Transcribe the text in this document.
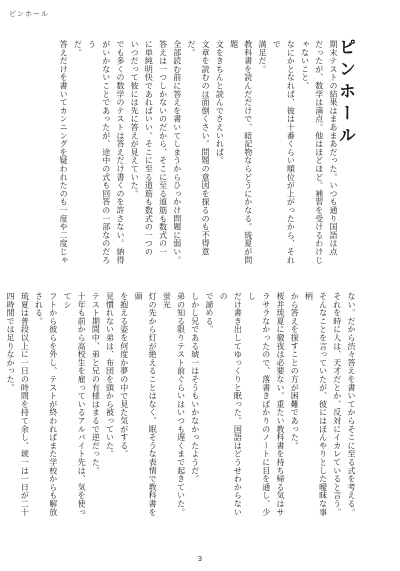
ピンホール
ピンホール
期末テストの結果はまあまあだった。いつも通り国語は点
だったが、数学は満点。他はほどほど。補習を受けるわけじゃないこと、
なにかとなれば、彼は十番くらい順位が上がったから、それで
満足だ。
教科書を読んだだけで、暗記物ならどうにかなる。琉夏が問題
文をきちんと読んでさえいれば。
文章を読むのは面倒くさい。問題の意図を探るのも不得意だ。
全部読む前に答えを書いてしまうからひっかけ問題に弱い。
答えは一つしかないのだから、そこに至る道筋も数式の一
に単純明快であればいい。そこに至る道筋も数式の一つの
いつだって彼には先に答えが見えていた。
でも多くの数学のテストは答えだけ書くのを許さない。納得
がいかないことであったが、途中の式も回答の一部なのだろう
だ。
答えだけを書いてカンニングを疑われたのも一度や二度じゃ
ない。だから渋々答えを書いてからそこに至る式を考える。
それを時に人は、天才だとか、反対にイカレていると言う。
そんなことを言っていたが、彼にはぼんやりとした曖昧な事柄
から答えを探すことの方が困難であった。
桜井琉夏に徹夜は必要ない。重たい教科書を持ち帰る気はサ
ラサラなかったので、落書きばかりのノートに目を通し、少し
だけ書き出してゆっくりと眠った。国語はどうせわからないの
で諦める。
しかし兄である琥一はそうもいかなかったようだ。
弟の知る限りテスト前ぐらいはいつも遅くまで起きていた。蛍光
灯の先から灯が絶えることはなく、眠そうな表情で教科書を頭
を抱える姿を何度か夢の中で見た気がする。
見慣れない弟は、布団を頭から被っていた。
テスト期間中、弟と兄の有様はまるで逆だった。
十年も前から高校生を雇っているアルバイト先は、気を使ってシ
フトから彼らを外し、テストが終わればまた学校からも解放される。
琉夏は普段以上に一日の時間を持て余し、琥一は一日が二十
四時間では足りなかった。
3
